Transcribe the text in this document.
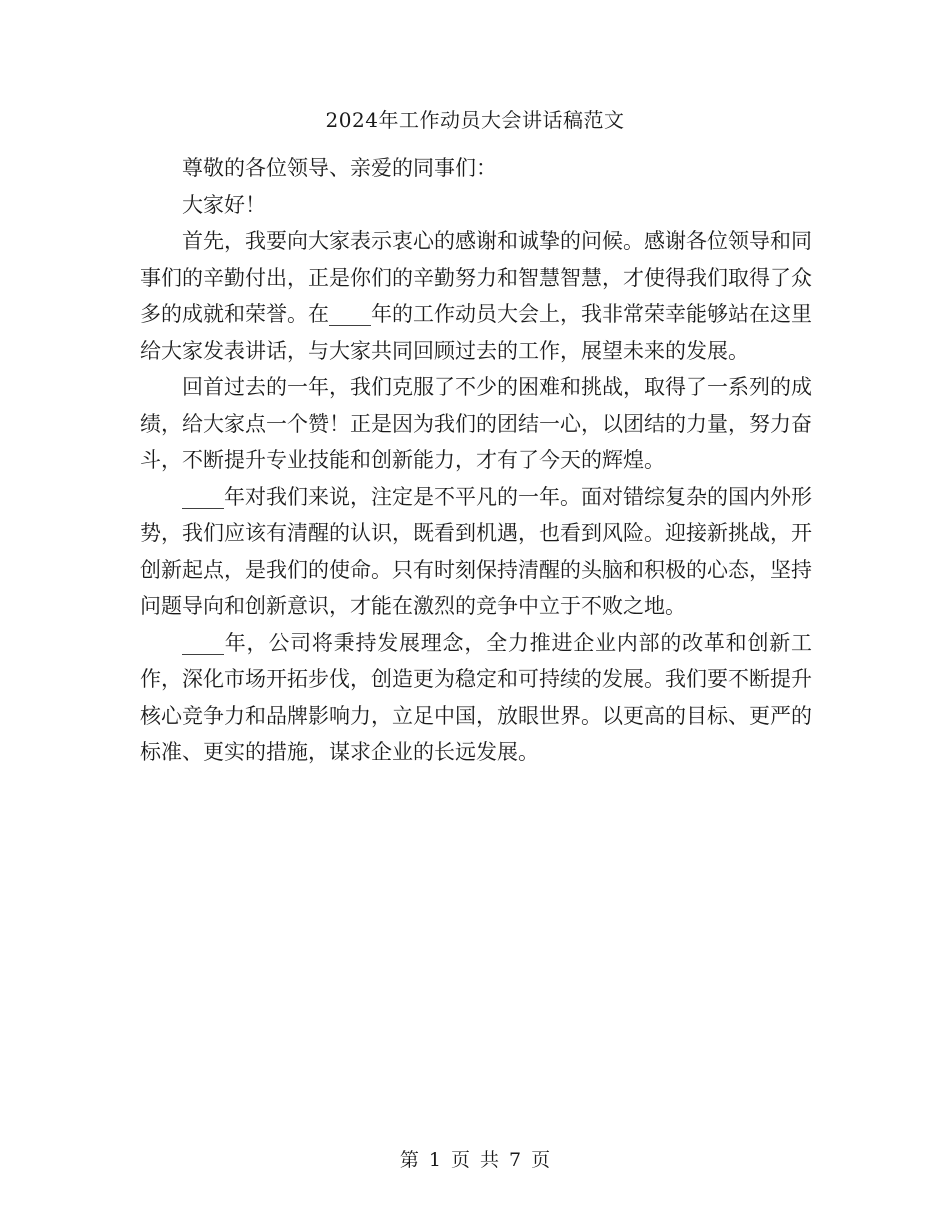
2024年工作动员大会讲话稿范文

尊敬的各位领导、亲爱的同事们：

大家好！

首先，我要向大家表示衷心的感谢和诚挚的问候。感谢各位领导和同事们的辛勤付出，正是你们的辛勤努力和智慧智慧，才使得我们取得了众多的成就和荣誉。在____年的工作动员大会上，我非常荣幸能够站在这里给大家发表讲话，与大家共同回顾过去的工作，展望未来的发展。

回首过去的一年，我们克服了不少的困难和挑战，取得了一系列的成绩，给大家点一个赞！正是因为我们的团结一心，以团结的力量，努力奋斗，不断提升专业技能和创新能力，才有了今天的辉煌。

____年对我们来说，注定是不平凡的一年。面对错综复杂的国内外形势，我们应该有清醒的认识，既看到机遇，也看到风险。迎接新挑战，开创新起点，是我们的使命。只有时刻保持清醒的头脑和积极的心态，坚持问题导向和创新意识，才能在激烈的竞争中立于不败之地。

____年，公司将秉持发展理念，全力推进企业内部的改革和创新工作，深化市场开拓步伐，创造更为稳定和可持续的发展。我们要不断提升核心竞争力和品牌影响力，立足中国，放眼世界。以更高的目标、更严的标准、更实的措施，谋求企业的长远发展。

第 1 页 共 7 页
